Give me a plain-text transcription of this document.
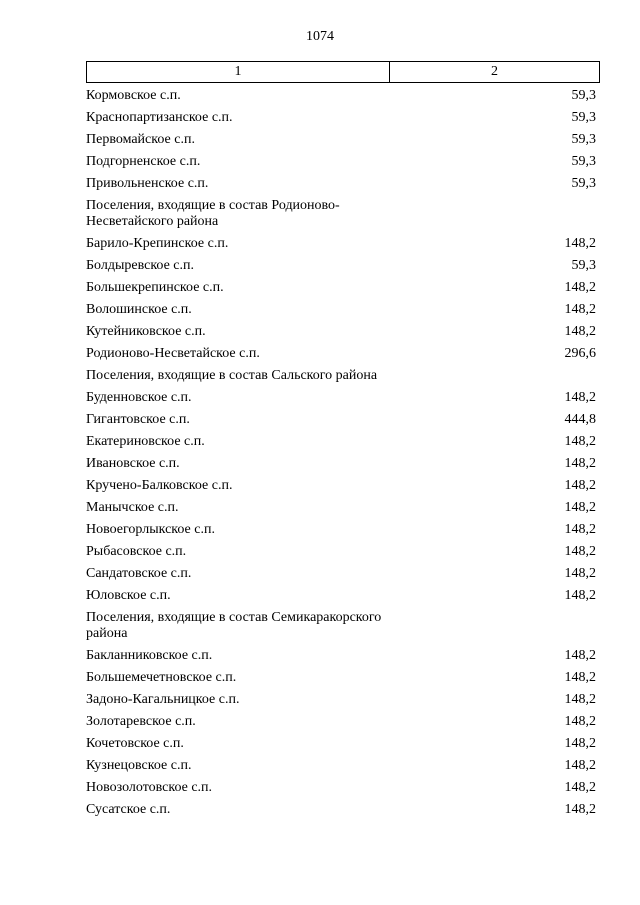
1074
1	2
Кормовское с.п.	59,3
Краснопартизанское с.п.	59,3
Первомайское с.п.	59,3
Подгорненское с.п.	59,3
Привольненское с.п.	59,3
Поселения, входящие в состав Родионово-Несветайского района
Барило-Крепинское с.п.	148,2
Болдыревское с.п.	59,3
Большекрепинское с.п.	148,2
Волошинское с.п.	148,2
Кутейниковское с.п.	148,2
Родионово-Несветайское с.п.	296,6
Поселения, входящие в состав Сальского района
Буденновское с.п.	148,2
Гигантовское с.п.	444,8
Екатериновское с.п.	148,2
Ивановское с.п.	148,2
Кручено-Балковское с.п.	148,2
Манычское с.п.	148,2
Новоегорлыкское с.п.	148,2
Рыбасовское с.п.	148,2
Сандатовское с.п.	148,2
Юловское с.п.	148,2
Поселения, входящие в состав Семикаракорского района
Бакланниковское с.п.	148,2
Большемечетновское с.п.	148,2
Задоно-Кагальницкое с.п.	148,2
Золотаревское с.п.	148,2
Кочетовское с.п.	148,2
Кузнецовское с.п.	148,2
Новозолотовское с.п.	148,2
Сусатское с.п.	148,2
